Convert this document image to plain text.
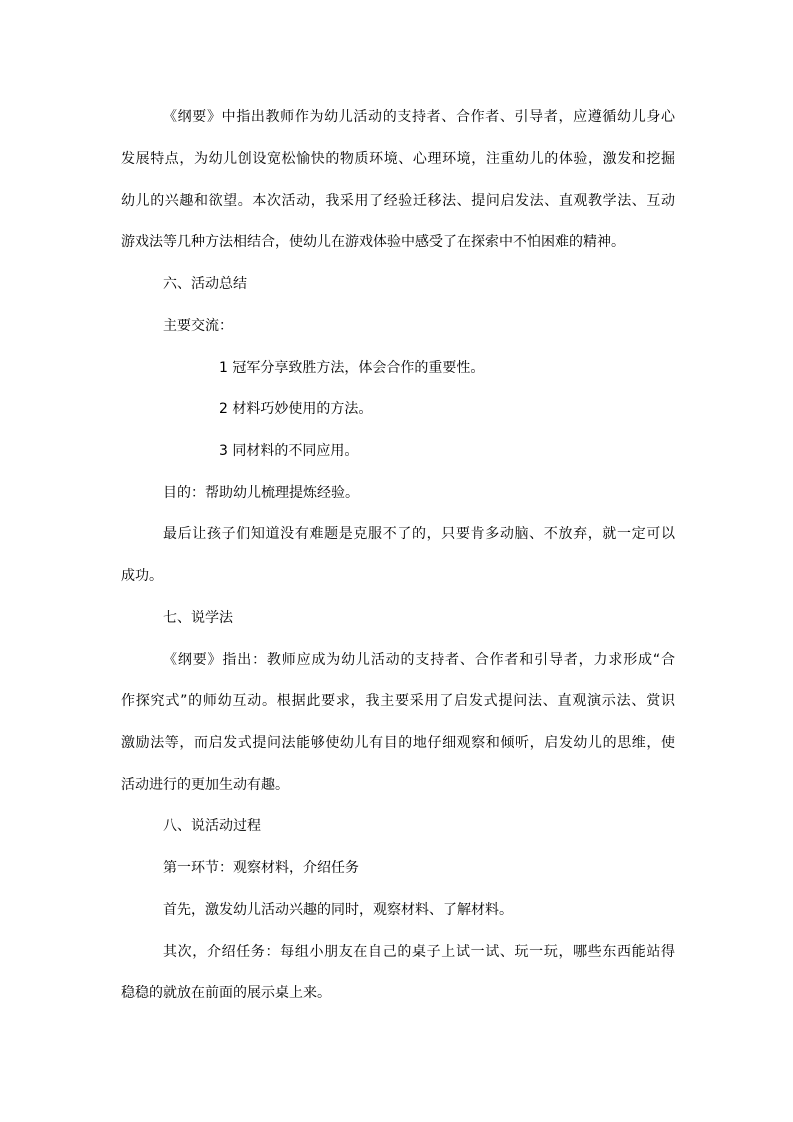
《纲要》中指出教师作为幼儿活动的支持者、合作者、引导者，应遵循幼儿身心
发展特点，为幼儿创设宽松愉快的物质环境、心理环境，注重幼儿的体验，激发和挖掘
幼儿的兴趣和欲望。本次活动，我采用了经验迁移法、提问启发法、直观教学法、互动
游戏法等几种方法相结合，使幼儿在游戏体验中感受了在探索中不怕困难的精神。
六、活动总结
主要交流：
1 冠军分享致胜方法，体会合作的重要性。
2 材料巧妙使用的方法。
3 同材料的不同应用。
目的：帮助幼儿梳理提炼经验。
最后让孩子们知道没有难题是克服不了的，只要肯多动脑、不放弃，就一定可以
成功。
七、说学法
《纲要》指出：教师应成为幼儿活动的支持者、合作者和引导者，力求形成“合
作探究式”的师幼互动。根据此要求，我主要采用了启发式提问法、直观演示法、赏识
激励法等，而启发式提问法能够使幼儿有目的地仔细观察和倾听，启发幼儿的思维，使
活动进行的更加生动有趣。
八、说活动过程
第一环节：观察材料，介绍任务
首先，激发幼儿活动兴趣的同时，观察材料、了解材料。
其次，介绍任务：每组小朋友在自己的桌子上试一试、玩一玩，哪些东西能站得
稳稳的就放在前面的展示桌上来。
